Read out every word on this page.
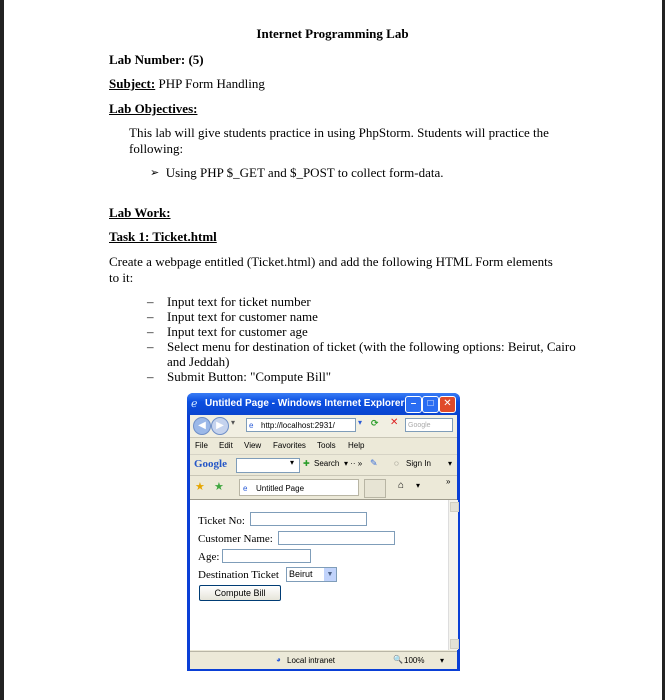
Internet Programming Lab
Lab Number: (5)
Subject: PHP Form Handling
Lab Objectives:
This lab will give students practice in using PhpStorm. Students will practice the
following:
➢ Using PHP $_GET and $_POST to collect form-data.
Lab Work:
Task 1: Ticket.html
Create a webpage entitled (Ticket.html) and add the following HTML Form elements
to it:
– Input text for ticket number
– Input text for customer name
– Input text for customer age
– Select menu for destination of ticket (with the following options: Beirut, Cairo
and Jeddah)
– Submit Button: "Compute Bill"
ℯ Untitled Page - Windows Internet Explorer –	□ ✕
◀	▶ ▾ e http://localhost:2931/	▾ ⟳ ✕	Google
File Edit View Favorites Tools Help
Google	▾ ✚ Search ▾ ·· » ✎ ◌ Sign In ▾
★ ★ e Untitled Page	⌂ ▾	»
Ticket No:
Customer Name:
Age:
Destination Ticket	Beirut	▼
Compute Bill
◕ Local intranet	🔍 100% ▾
